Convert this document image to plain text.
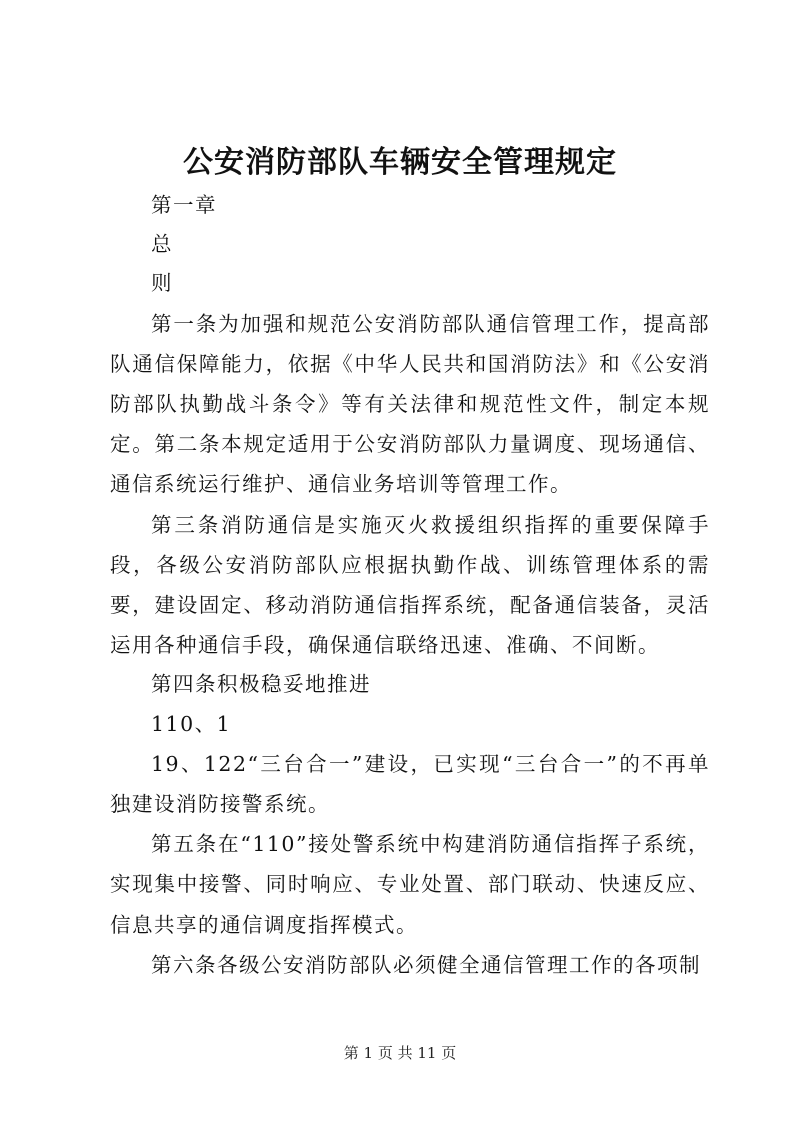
公安消防部队车辆安全管理规定
第一章
总
则

第一条为加强和规范公安消防部队通信管理工作，提高部队通信保障能力，依据《中华人民共和国消防法》和《公安消防部队执勤战斗条令》等有关法律和规范性文件，制定本规定。第二条本规定适用于公安消防部队力量调度、现场通信、通信系统运行维护、通信业务培训等管理工作。

第三条消防通信是实施灭火救援组织指挥的重要保障手段，各级公安消防部队应根据执勤作战、训练管理体系的需要，建设固定、移动消防通信指挥系统，配备通信装备，灵活运用各种通信手段，确保通信联络迅速、准确、不间断。

第四条积极稳妥地推进
110、1

19、122“三台合一”建设，已实现“三台合一”的不再单独建设消防接警系统。

第五条在“110”接处警系统中构建消防通信指挥子系统，实现集中接警、同时响应、专业处置、部门联动、快速反应、信息共享的通信调度指挥模式。

第六条各级公安消防部队必须健全通信管理工作的各项制

第 1 页 共 11 页
